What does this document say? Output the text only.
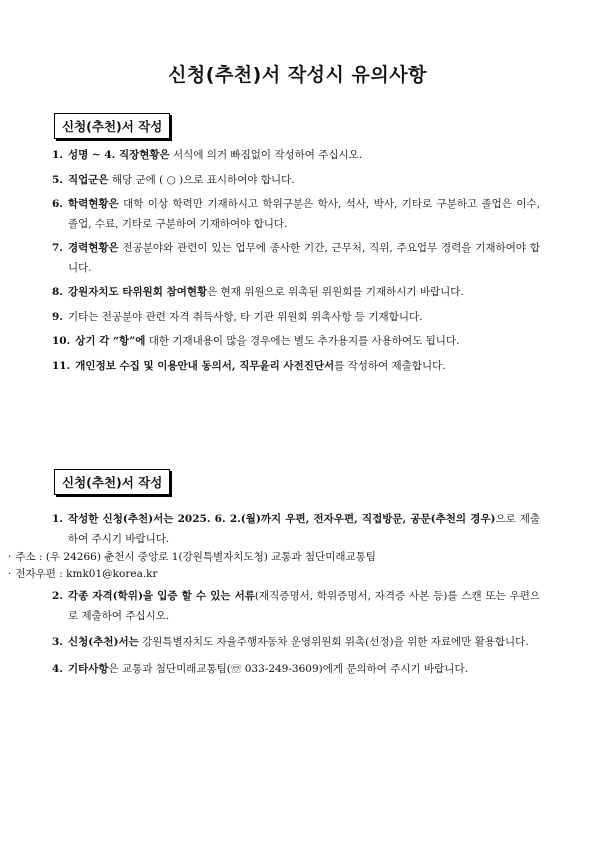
신청(추천)서 작성시 유의사항
신청(추천)서 작성
1. 성명 ~ 4. 직장현황은 서식에 의거 빠짐없이 작성하여 주십시오.
5. 직업군은 해당 군에 ( ○ )으로 표시하여야 합니다.
6. 학력현황은 대학 이상 학력만 기재하시고 학위구분은 학사, 석사, 박사, 기타로 구분하고 졸업은 이수, 졸업, 수료, 기타로 구분하여 기재하여야 합니다.
7. 경력현황은 전공분야와 관련이 있는 업무에 종사한 기간, 근무처, 직위, 주요업무 경력을 기재하여야 합니다.
8. 강원자치도 타위원회 참여현황은 현재 위원으로 위촉된 위원회를 기재하시기 바랍니다.
9. 기타는 전공분야 관련 자격 취득사항, 타 기관 위원회 위촉사항 등 기재합니다.
10. 상기 각 “항”에 대한 기재내용이 많을 경우에는 별도 추가용지를 사용하여도 됩니다.
11. 개인정보 수집 및 이용안내 동의서, 직무윤리 사전진단서를 작성하여 제출합니다.
신청(추천)서 작성
1. 작성한 신청(추천)서는 2025. 6. 2.(월)까지 우편, 전자우편, 직접방문, 공문(추천의 경우)으로 제출하여 주시기 바랍니다.
· 주소 : (우 24266) 춘천시 중앙로 1(강원특별자치도청) 교통과 첨단미래교통팀
· 전자우편 : kmk01@korea.kr
2. 각종 자격(학위)을 입증 할 수 있는 서류(재직증명서, 학위증명서, 자격증 사본 등)를 스캔 또는 우편으로 제출하여 주십시오.
3. 신청(추천)서는 강원특별자치도 자율주행자동차 운영위원회 위촉(선정)을 위한 자료에만 활용합니다.
4. 기타사항은 교통과 첨단미래교통팀(☏ 033-249-3609)에게 문의하여 주시기 바랍니다.
